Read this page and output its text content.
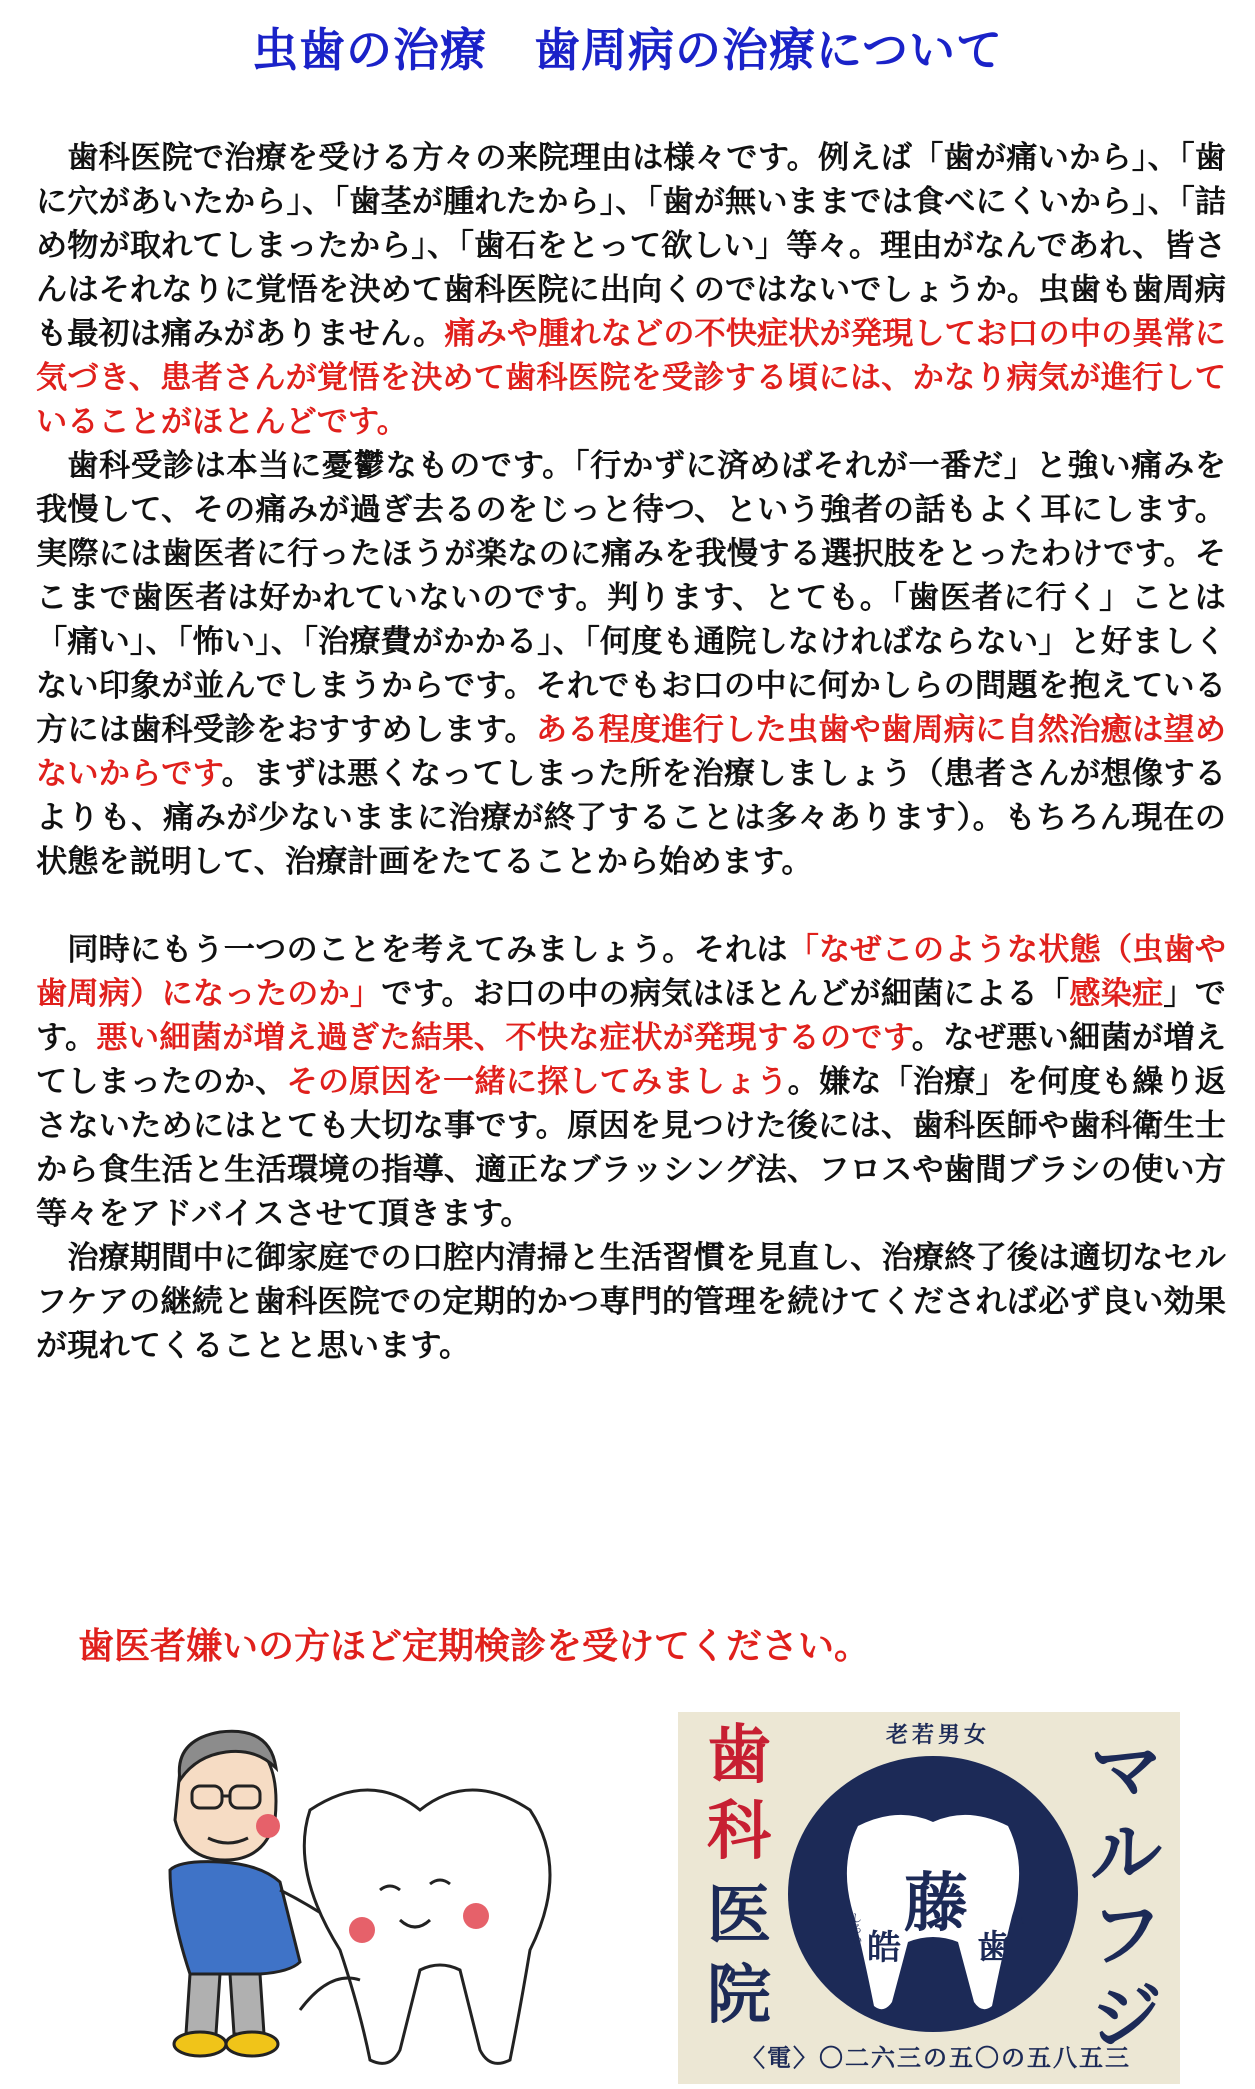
虫歯の治療　歯周病の治療について

歯科医院で治療を受ける方々の来院理由は様々です。例えば「歯が痛いから」、「歯に穴があいたから」、「歯茎が腫れたから」、「歯が無いままでは食べにくいから」、「詰め物が取れてしまったから」、「歯石をとって欲しい」等々。理由がなんであれ、皆さんはそれなりに覚悟を決めて歯科医院に出向くのではないでしょうか。虫歯も歯周病も最初は痛みがありません。痛みや腫れなどの不快症状が発現してお口の中の異常に気づき、患者さんが覚悟を決めて歯科医院を受診する頃には、かなり病気が進行していることがほとんどです。

歯科受診は本当に憂鬱なものです。「行かずに済めばそれが一番だ」と強い痛みを我慢して、その痛みが過ぎ去るのをじっと待つ、という強者の話もよく耳にします。実際には歯医者に行ったほうが楽なのに痛みを我慢する選択肢をとったわけです。そこまで歯医者は好かれていないのです。判ります、とても。「歯医者に行く」ことは「痛い」、「怖い」、「治療費がかかる」、「何度も通院しなければならない」と好ましくない印象が並んでしまうからです。それでもお口の中に何かしらの問題を抱えている方には歯科受診をおすすめします。ある程度進行した虫歯や歯周病に自然治癒は望めないからです。まずは悪くなってしまった所を治療しましょう（患者さんが想像するよりも、痛みが少ないままに治療が終了することは多々あります）。もちろん現在の状態を説明して、治療計画をたてることから始めます。

同時にもう一つのことを考えてみましょう。それは「なぜこのような状態（虫歯や歯周病）になったのか」です。お口の中の病気はほとんどが細菌による「感染症」です。悪い細菌が増え過ぎた結果、不快な症状が発現するのです。なぜ悪い細菌が増えてしまったのか、その原因を一緒に探してみましょう。嫌な「治療」を何度も繰り返さないためにはとても大切な事です。原因を見つけた後には、歯科医師や歯科衛生士から食生活と生活環境の指導、適正なブラッシング法、フロスや歯間ブラシの使い方等々をアドバイスさせて頂きます。

治療期間中に御家庭での口腔内清掃と生活習慣を見直し、治療終了後は適切なセルフケアの継続と歯科医院での定期的かつ専門的管理を続けてくだされば必ず良い効果が現れてくることと思います。

歯医者嫌いの方ほど定期検診を受けてください。
老若男女
歯科
医院
マルフジ
藤
皓
しろい	歯
は
〈電〉〇二六三の五〇の五八五三
